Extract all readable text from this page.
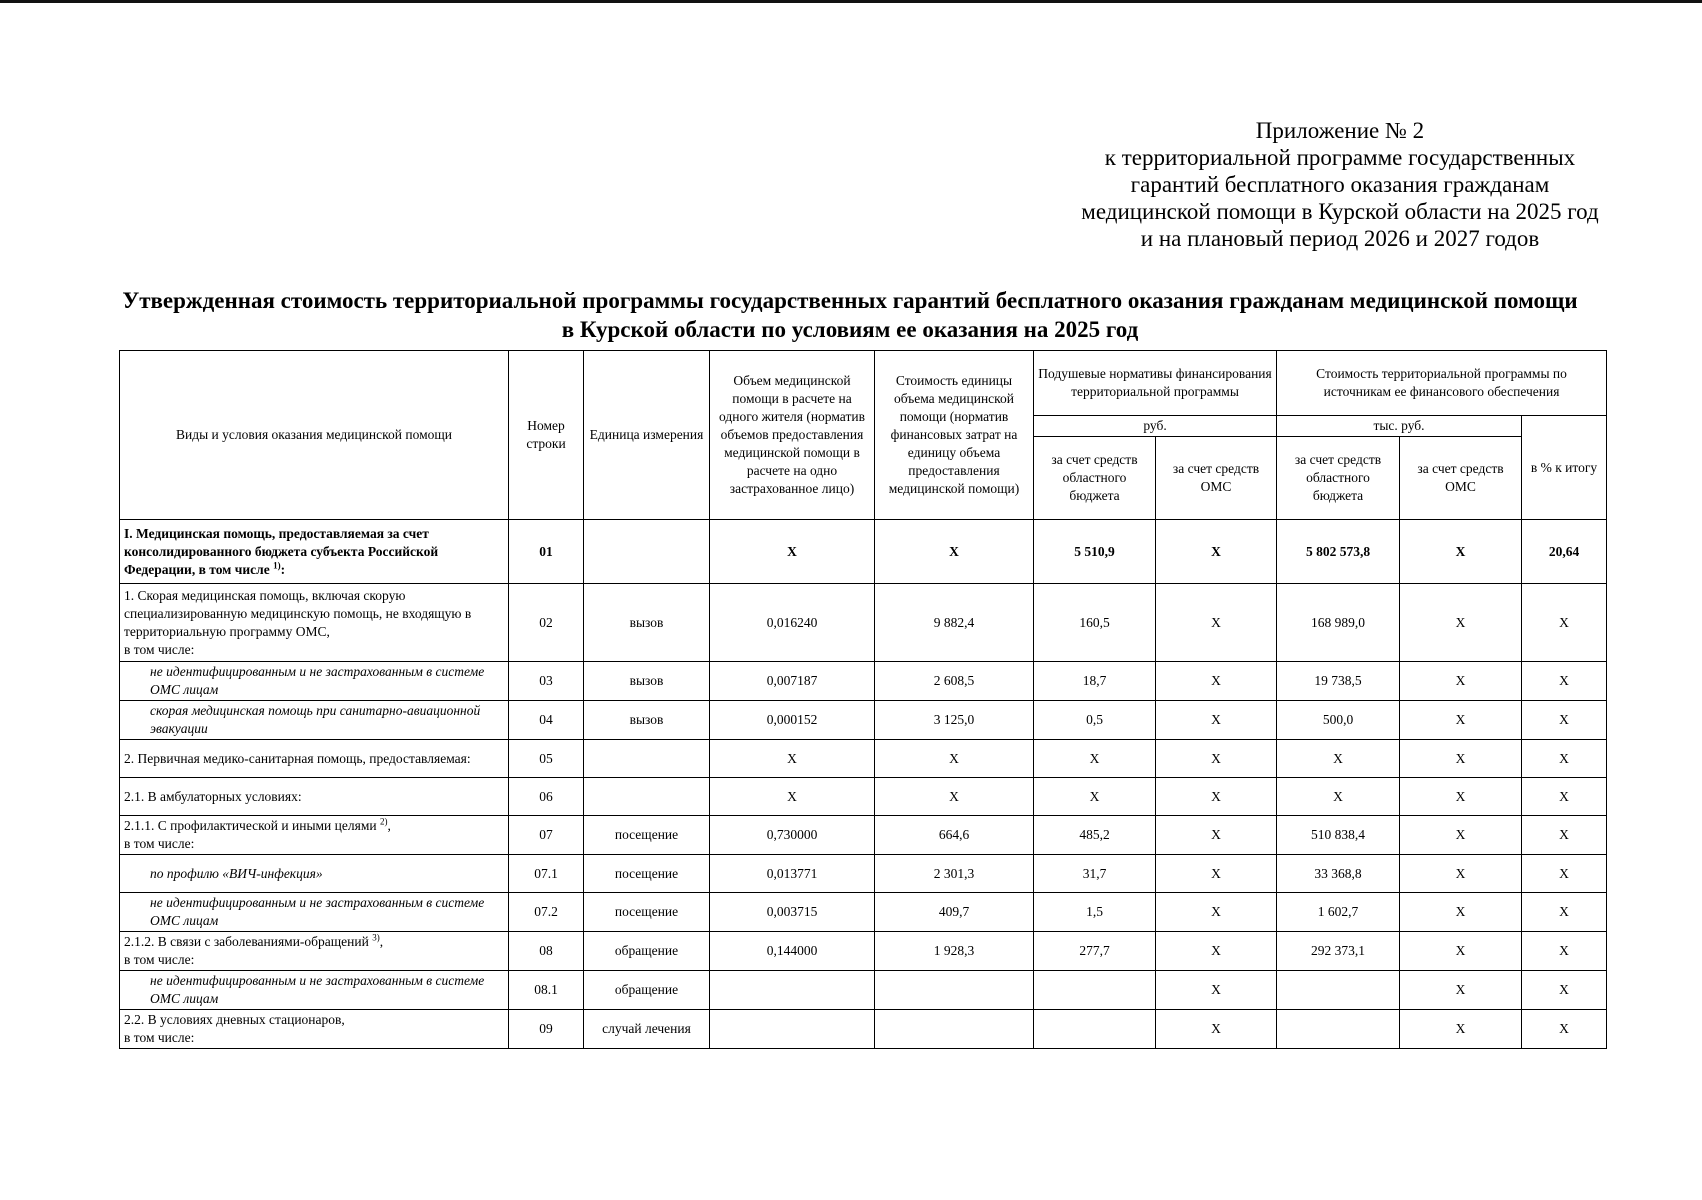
Приложение № 2
к территориальной программе государственных
гарантий бесплатного оказания гражданам
медицинской помощи в Курской области на 2025 год
и на плановый период 2026 и 2027 годов
Утвержденная стоимость территориальной программы государственных гарантий бесплатного оказания гражданам медицинской помощи
в Курской области по условиям ее оказания на 2025 год
Виды и условия оказания медицинской помощи	Номер строки	Единица измерения	Объем медицинской помощи в расчете на одного жителя (норматив объемов предоставления медицинской помощи в расчете на одно застрахованное лицо)	Стоимость единицы объема медицинской помощи (норматив финансовых затрат на единицу объема предоставления медицинской помощи)	Подушевые нормативы финансирования территориальной программы		Стоимость территориальной программы по источникам ее финансового обеспечения		
					руб.		тыс. руб.		в % к итогу
					за счет средств областного бюджета	за счет средств ОМС	за счет средств областного бюджета	за счет средств ОМС	
I. Медицинская помощь, предоставляемая за счет консолидированного бюджета субъекта Российской Федерации, в том числе $^{1)}$:	01		X	X	5 510,9	X	5 802 573,8	X	20,64
1. Скорая медицинская помощь, включая скорую специализированную медицинскую помощь, не входящую в территориальную программу ОМС,
в том числе:	02	вызов	0,016240	9 882,4	160,5	X	168 989,0	X	X
не идентифицированным и не застрахованным в системе ОМС лицам	03	вызов	0,007187	2 608,5	18,7	X	19 738,5	X	X
скорая медицинская помощь при санитарно-авиационной эвакуации	04	вызов	0,000152	3 125,0	0,5	X	500,0	X	X
2. Первичная медико-санитарная помощь, предоставляемая:	05		X	X	X	X	X	X	X
2.1. В амбулаторных условиях:	06		X	X	X	X	X	X	X
2.1.1. С профилактической и иными целями $^{2)}$,
в том числе:	07	посещение	0,730000	664,6	485,2	X	510 838,4	X	X
по профилю «ВИЧ-инфекция»	07.1	посещение	0,013771	2 301,3	31,7	X	33 368,8	X	X
не идентифицированным и не застрахованным в системе ОМС лицам	07.2	посещение	0,003715	409,7	1,5	X	1 602,7	X	X
2.1.2. В связи с заболеваниями-обращений $^{3)}$,
в том числе:	08	обращение	0,144000	1 928,3	277,7	X	292 373,1	X	X
не идентифицированным и не застрахованным в системе ОМС лицам	08.1	обращение				X		X	X
2.2. В условиях дневных стационаров,
в том числе:	09	случай лечения				X		X	X
